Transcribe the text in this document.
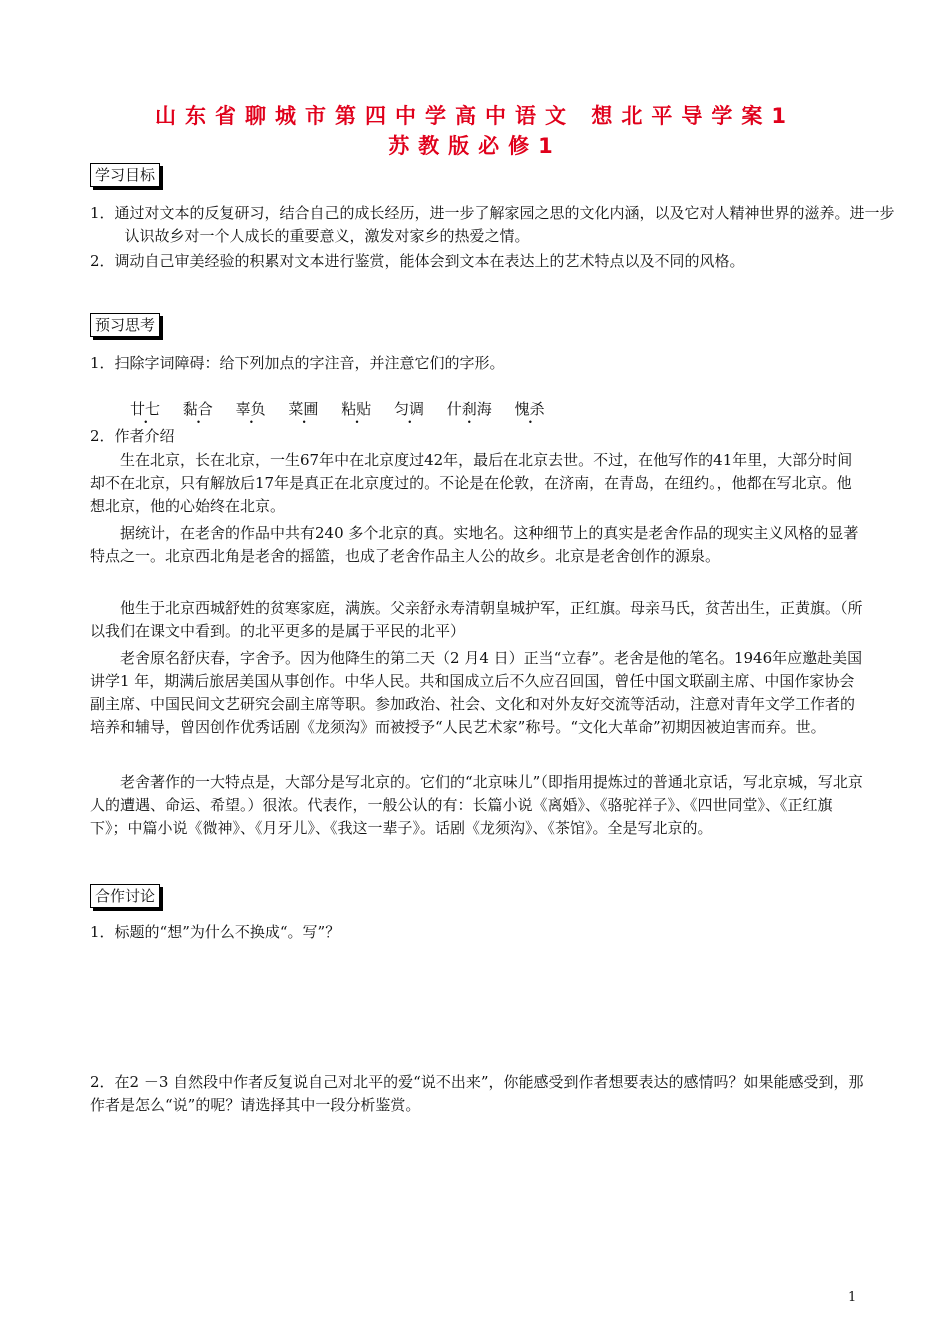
山东省聊城市第四中学高中语文 想北平导学案1
苏教版必修1
学习目标
1．通过对文本的反复研习，结合自己的成长经历，进一步了解家园之思的文化内涵，以及它对人精神世界的滋养。进一步认识故乡对一个人成长的重要意义，激发对家乡的热爱之情。
2．调动自己审美经验的积累对文本进行鉴赏，能体会到文本在表达上的艺术特点以及不同的风格。
预习思考
1．扫除字词障碍：给下列加点的字注音，并注意它们的字形。
廿七 黏合 辜负 菜圃 粘贴 匀调 什刹海 愧杀
2．作者介绍
生在北京，长在北京，一生67年中在北京度过42年，最后在北京去世。不过，在他写作的41年里，大部分时间却不在北京，只有解放后17年是真正在北京度过的。不论是在伦敦，在济南，在青岛，在纽约。，他都在写北京。他想北京，他的心始终在北京。
据统计，在老舍的作品中共有240 多个北京的真。实地名。这种细节上的真实是老舍作品的现实主义风格的显著特点之一。北京西北角是老舍的摇篮，也成了老舍作品主人公的故乡。北京是老舍创作的源泉。
他生于北京西城舒姓的贫寒家庭，满族。父亲舒永寿清朝皇城护军，正红旗。母亲马氏，贫苦出生，正黄旗。（所以我们在课文中看到。的北平更多的是属于平民的北平）
老舍原名舒庆春，字舍予。因为他降生的第二天（2 月4 日）正当“立春”。老舍是他的笔名。1946年应邀赴美国讲学1 年，期满后旅居美国从事创作。中华人民。共和国成立后不久应召回国，曾任中国文联副主席、中国作家协会副主席、中国民间文艺研究会副主席等职。参加政治、社会、文化和对外友好交流等活动，注意对青年文学工作者的培养和辅导，曾因创作优秀话剧《龙须沟》而被授予“人民艺术家”称号。“文化大革命”初期因被迫害而弃。世。
老舍著作的一大特点是，大部分是写北京的。它们的“北京味儿”（即指用提炼过的普通北京话，写北京城，写北京人的遭遇、命运、希望。）很浓。代表作，一般公认的有：长篇小说《离婚》、《骆驼祥子》、《四世同堂》、《正红旗下》；中篇小说《微神》、《月牙儿》、《我这一辈子》。话剧《龙须沟》、《茶馆》。全是写北京的。
合作讨论
1．标题的“想”为什么不换成“。写”？
2．在2 －3 自然段中作者反复说自己对北平的爱“说不出来”，你能感受到作者想要表达的感情吗？如果能感受到，那作者是怎么“说”的呢？请选择其中一段分析鉴赏。
1
